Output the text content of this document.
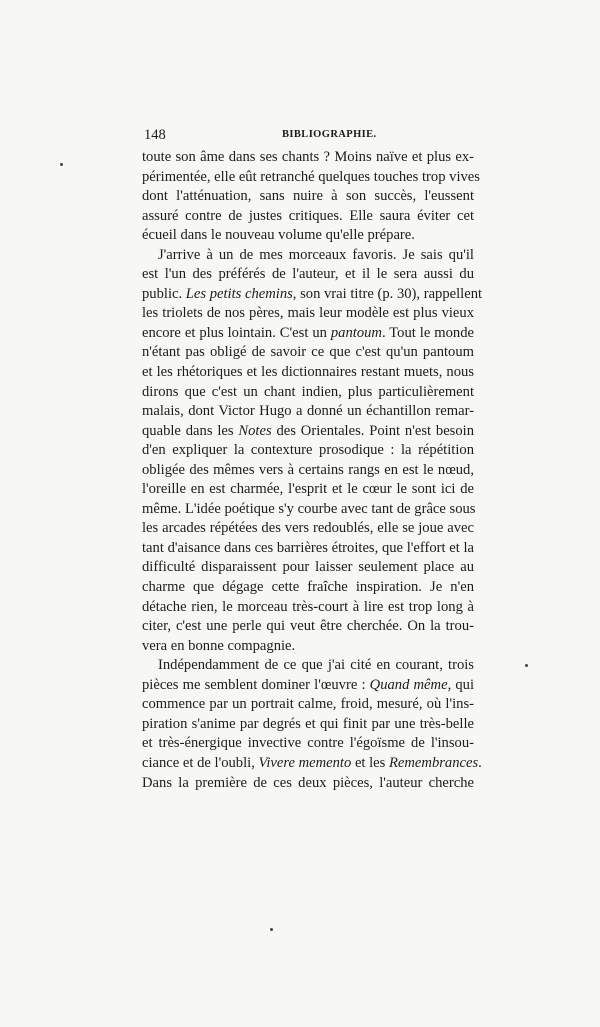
148	BIBLIOGRAPHIE.
toute son âme dans ses chants ? Moins naïve et plus ex-
périmentée, elle eût retranché quelques touches trop vives
dont l'atténuation, sans nuire à son succès, l'eussent
assuré contre de justes critiques. Elle saura éviter cet
écueil dans le nouveau volume qu'elle prépare.
J'arrive à un de mes morceaux favoris. Je sais qu'il
est l'un des préférés de l'auteur, et il le sera aussi du
public. Les petits chemins, son vrai titre (p. 30), rappellent
les triolets de nos pères, mais leur modèle est plus vieux
encore et plus lointain. C'est un pantoum. Tout le monde
n'étant pas obligé de savoir ce que c'est qu'un pantoum
et les rhétoriques et les dictionnaires restant muets, nous
dirons que c'est un chant indien, plus particulièrement
malais, dont Victor Hugo a donné un échantillon remar-
quable dans les Notes des Orientales. Point n'est besoin
d'en expliquer la contexture prosodique : la répétition
obligée des mêmes vers à certains rangs en est le nœud,
l'oreille en est charmée, l'esprit et le cœur le sont ici de
même. L'idée poétique s'y courbe avec tant de grâce sous
les arcades répétées des vers redoublés, elle se joue avec
tant d'aisance dans ces barrières étroites, que l'effort et la
difficulté disparaissent pour laisser seulement place au
charme que dégage cette fraîche inspiration. Je n'en
détache rien, le morceau très-court à lire est trop long à
citer, c'est une perle qui veut être cherchée. On la trou-
vera en bonne compagnie.
Indépendamment de ce que j'ai cité en courant, trois
pièces me semblent dominer l'œuvre : Quand même, qui
commence par un portrait calme, froid, mesuré, où l'ins-
piration s'anime par degrés et qui finit par une très-belle
et très-énergique invective contre l'égoïsme de l'insou-
ciance et de l'oubli, Vivere memento et les Remembrances.
Dans la première de ces deux pièces, l'auteur cherche
